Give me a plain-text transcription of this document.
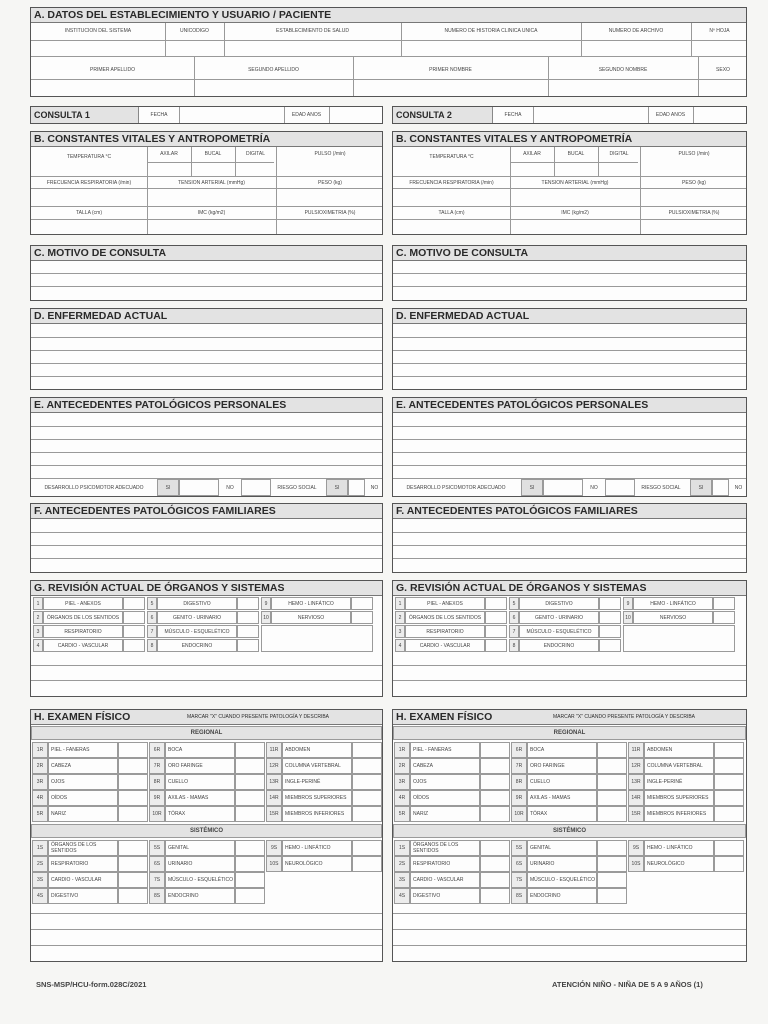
A. DATOS DEL ESTABLECIMIENTO Y USUARIO / PACIENTE
INSTITUCIÓN DEL SISTEMA	UNICÓDIGO	ESTABLECIMIENTO DE SALUD	NÚMERO DE HISTORIA CLÍNICA ÚNICA	NÚMERO DE ARCHIVO	Nº HOJA
PRIMER APELLIDO	SEGUNDO APELLIDO	PRIMER NOMBRE	SEGUNDO NOMBRE	SEXO
CONSULTA 1	FECHA	EDAD AÑOS	CONSULTA 2	FECHA	EDAD AÑOS
B. CONSTANTES VITALES Y ANTROPOMETRÍA
TEMPERATURA °C	AXILAR	BUCAL	DIGITAL	PULSO (/min)
FRECUENCIA RESPIRATORIA (/min)	TENSIÓN ARTERIAL (mmHg)	PESO (kg)
TALLA (cm)	IMC (kg/m2)	PULSIOXIMETRÍA (%)
B. CONSTANTES VITALES Y ANTROPOMETRÍA
TEMPERATURA °C	AXILAR	BUCAL	DIGITAL	PULSO (/min)
FRECUENCIA RESPIRATORIA (/min)	TENSIÓN ARTERIAL (mmHg)	PESO (kg)
TALLA (cm)	IMC (kg/m2)	PULSIOXIMETRÍA (%)
C. MOTIVO DE CONSULTA	C. MOTIVO DE CONSULTA
D. ENFERMEDAD ACTUAL	D. ENFERMEDAD ACTUAL
E. ANTECEDENTES PATOLÓGICOS PERSONALES
DESARROLLO PSICOMOTOR ADECUADO	SI	NO	RIESGO SOCIAL	SI	NO
E. ANTECEDENTES PATOLÓGICOS PERSONALES
DESARROLLO PSICOMOTOR ADECUADO	SI	NO	RIESGO SOCIAL	SI	NO
F. ANTECEDENTES PATOLÓGICOS FAMILIARES	F. ANTECEDENTES PATOLÓGICOS FAMILIARES
G. REVISIÓN ACTUAL DE ÓRGANOS Y SISTEMAS
1	PIEL - ANEXOS	5	DIGESTIVO	9	HEMO - LINFÁTICO
2	ÓRGANOS DE LOS SENTIDOS	6	GENITO - URINARIO	10	NERVIOSO
3	RESPIRATORIO	7	MÚSCULO - ESQUELÉTICO
4	CARDIO - VASCULAR	8	ENDOCRINO
G. REVISIÓN ACTUAL DE ÓRGANOS Y SISTEMAS
1	PIEL - ANEXOS	5	DIGESTIVO	9	HEMO - LINFÁTICO
2	ÓRGANOS DE LOS SENTIDOS	6	GENITO - URINARIO	10	NERVIOSO
3	RESPIRATORIO	7	MÚSCULO - ESQUELÉTICO
4	CARDIO - VASCULAR	8	ENDOCRINO
H. EXAMEN FÍSICO	MARCAR "X" CUANDO PRESENTE PATOLOGÍA Y DESCRIBA
REGIONAL
1R	PIEL - FANERAS	6R	BOCA	11R	ABDOMEN
2R	CABEZA	7R	ORO FARINGE	12R	COLUMNA VERTEBRAL
3R	OJOS	8R	CUELLO	13R	INGLE-PERINÉ
4R	OÍDOS	9R	AXILAS - MAMAS	14R	MIEMBROS SUPERIORES
5R	NARIZ	10R	TÓRAX	15R	MIEMBROS INFERIORES
SISTÉMICO
1S	ÓRGANOS DE LOS SENTIDOS	5S	GENITAL	9S	HEMO - LINFÁTICO
2S	RESPIRATORIO	6S	URINARIO	10S	NEUROLÓGICO
3S	CARDIO - VASCULAR	7S	MÚSCULO - ESQUELÉTICO
4S	DIGESTIVO	8S	ENDOCRINO
H. EXAMEN FÍSICO	MARCAR "X" CUANDO PRESENTE PATOLOGÍA Y DESCRIBA
REGIONAL
1R	PIEL - FANERAS	6R	BOCA	11R	ABDOMEN
2R	CABEZA	7R	ORO FARINGE	12R	COLUMNA VERTEBRAL
3R	OJOS	8R	CUELLO	13R	INGLE-PERINÉ
4R	OÍDOS	9R	AXILAS - MAMAS	14R	MIEMBROS SUPERIORES
5R	NARIZ	10R	TÓRAX	15R	MIEMBROS INFERIORES
SISTÉMICO
1S	ÓRGANOS DE LOS SENTIDOS	5S	GENITAL	9S	HEMO - LINFÁTICO
2S	RESPIRATORIO	6S	URINARIO	10S	NEUROLÓGICO
3S	CARDIO - VASCULAR	7S	MÚSCULO - ESQUELÉTICO
4S	DIGESTIVO	8S	ENDOCRINO
SNS-MSP/HCU-form.028C/2021	ATENCIÓN NIÑO - NIÑA DE 5 A 9 AÑOS (1)
